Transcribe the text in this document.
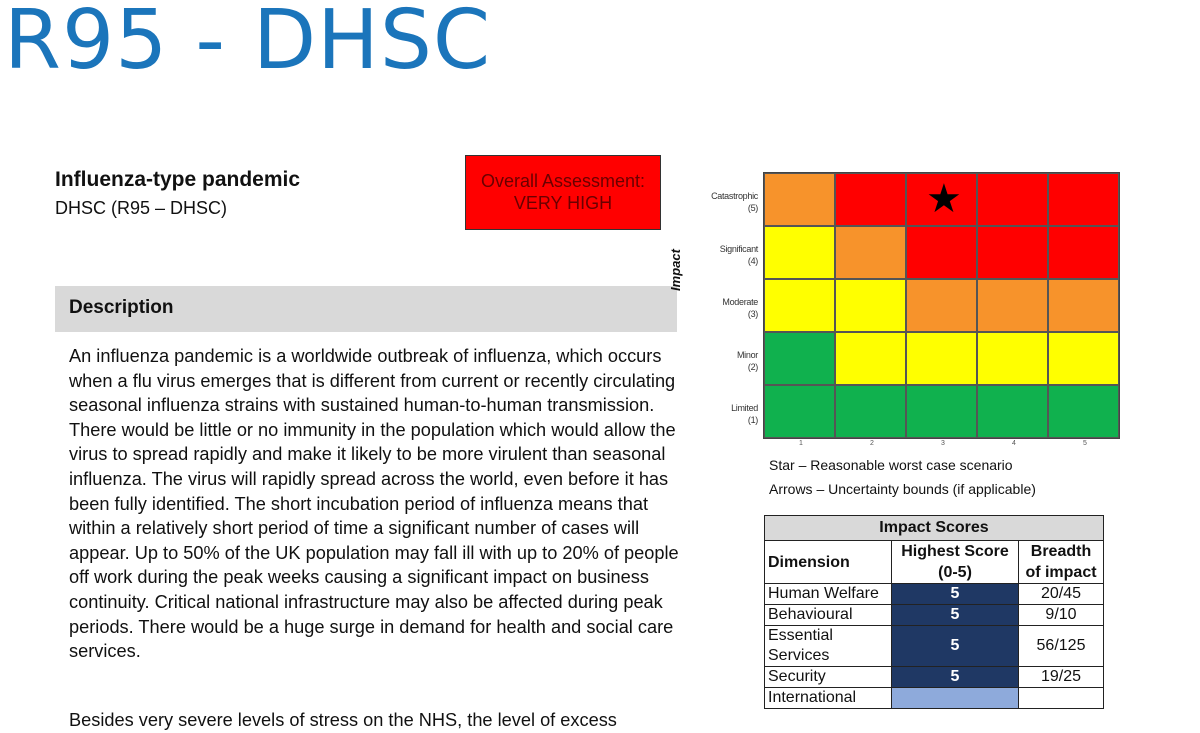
R95 - DHSC
Influenza-type pandemic
DHSC (R95 – DHSC)
Overall Assessment:
VERY HIGH
Description

An influenza pandemic is a worldwide outbreak of influenza, which occurs when a flu virus emerges that is different from current or recently circulating seasonal influenza strains with sustained human-to-human transmission. There would be little or no immunity in the population which would allow the virus to spread rapidly and make it likely to be more virulent than seasonal influenza. The virus will rapidly spread across the world, even before it has been fully identified. The short incubation period of influenza means that within a relatively short period of time a significant number of cases will appear. Up to 50% of the UK population may fall ill with up to 20% of people off work during the peak weeks causing a significant impact on business continuity. Critical national infrastructure may also be affected during peak periods. There would be a huge surge in demand for health and social care services.

Besides very severe levels of stress on the NHS, the level of excess

Impact
Catastrophic
(5)
Significant
(4)
Moderate
(3)
Minor
(2)
Limited
(1)
★
1	2	3	4	5
Star – Reasonable worst case scenario
Arrows – Uncertainty bounds (if applicable)
Impact Scores		
Dimension	Highest Score (0-5)	Breadth of impact
Human Welfare	5	20/45
Behavioural	5	9/10
Essential Services	5	56/125
Security	5	19/25
International		
